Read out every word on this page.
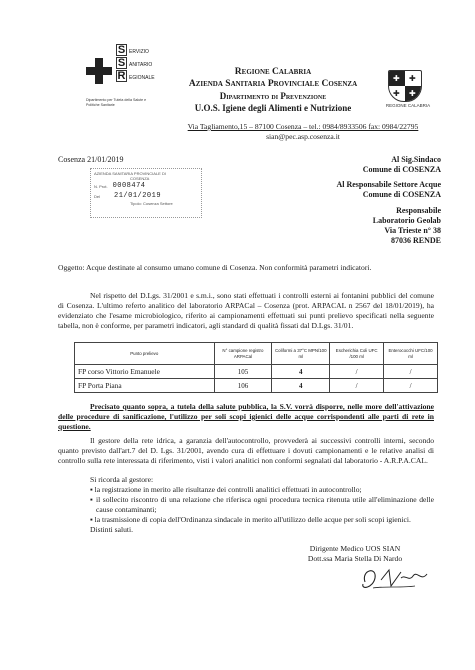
S ERVIZIO
S ANITARIO
R EGIONALE
Dipartimento per Tutela della Salute e Politiche Sanitarie
Regione Calabria
Azienda Sanitaria Provinciale Cosenza
Dipartimento di Prevenzione
U.O.S. Igiene degli Alimenti e Nutrizione
✚
✚
✚
✚
REGIONE CALABRIA
Via Tagliamento,15 – 87100 Cosenza – tel.: 0984/8933506 fax: 0984/22795
sian@pec.asp.cosenza.it
Cosenza 21/01/2019
AZIENDA SANITARIA PROVINCIALE DI
COSENZA
N. Prot. 0008474
Del 21/01/2019
Tipolo: Cosenza Settore
Al Sig.Sindaco
Comune di COSENZA
Al Responsabile Settore Acque
Comune di COSENZA
Responsabile
Laboratorio Geolab
Via Trieste n° 38
87036 RENDE
Oggetto: Acque destinate al consumo umano comune di Cosenza. Non conformità parametri indicatori.
Nel rispetto del D.Lgs. 31/2001 e s.m.i., sono stati effettuati i controlli esterni ai fontanini pubblici del comune di Cosenza. L'ultimo referto analitico del laboratorio ARPACal – Cosenza (prot. ARPACAL n 2567 del 18/01/2019), ha evidenziato che l'esame microbiologico, riferito ai campionamenti effettuati sui punti prelievo specificati nella seguente tabella, non è conforme, per parametri indicatori, agli standard di qualità fissati dal D.Lgs. 31/01.
Punto prelievo	N° campione registro ARPACal	Coliformi a 37°C MPN/100 ml	Escherichia Coli UFC /100 ml	Enterococchi UFC/100 ml
FP corso Vittorio Emanuele	105	4	/	/
FP Porta Piana	106	4	/	/
Precisato quanto sopra, a tutela della salute pubblica, la S.V. vorrà disporre, nelle more dell'attivazione delle procedure di sanificazione, l'utilizzo per soli scopi igienici delle acque corrispondenti alle parti di rete in questione.
Il gestore della rete idrica, a garanzia dell'autocontrollo, provvederà ai successivi controlli interni, secondo quanto previsto dall'art.7 del D. Lgs. 31/2001, avendo cura di effettuare i dovuti campionamenti e le relative analisi di controllo sulla rete interessata di riferimento, visti i valori analitici non conformi segnalati dal laboratorio - A.R.P.A.CAL.
Si ricorda al gestore:
▪ la registrazione in merito alle risultanze dei controlli analitici effettuati in autocontrollo;
▪ il sollecito riscontro di una relazione che riferisca ogni procedura tecnica ritenuta utile all'eliminazione delle cause contaminanti;
▪ la trasmissione di copia dell'Ordinanza sindacale in merito all'utilizzo delle acque per soli scopi igienici.
Distinti saluti.
Dirigente Medico UOS SIAN
Dott.ssa Maria Stella Di Nardo
